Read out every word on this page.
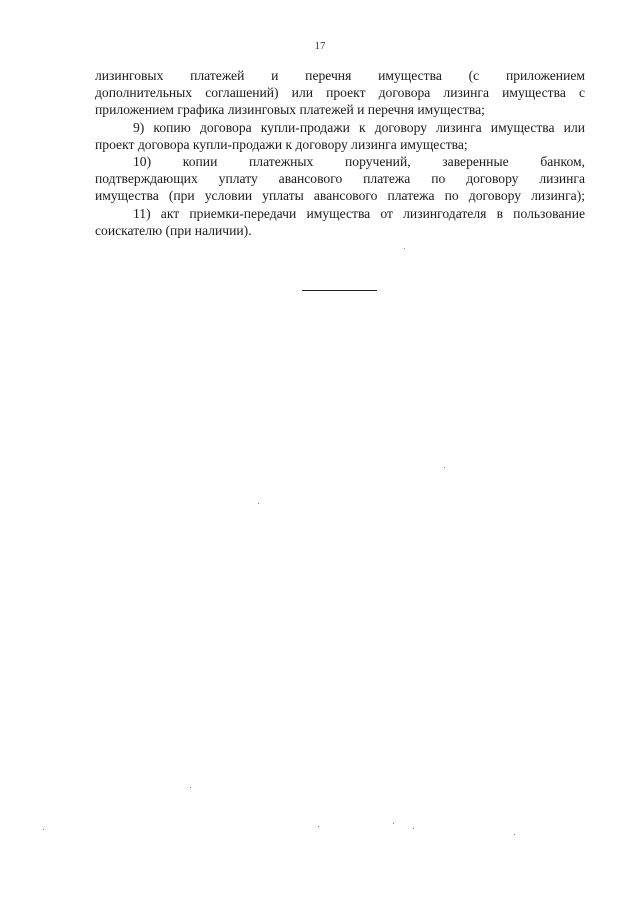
17
лизинговых платежей и перечня имущества (с приложением
дополнительных соглашений) или проект договора лизинга имущества с
приложением графика лизинговых платежей и перечня имущества;
9) копию договора купли-продажи к договору лизинга имущества или
проект договора купли-продажи к договору лизинга имущества;
10) копии платежных поручений, заверенные банком,
подтверждающих уплату авансового платежа по договору лизинга
имущества (при условии уплаты авансового платежа по договору лизинга);
11) акт приемки-передачи имущества от лизингодателя в пользование
соискателю (при наличии).
